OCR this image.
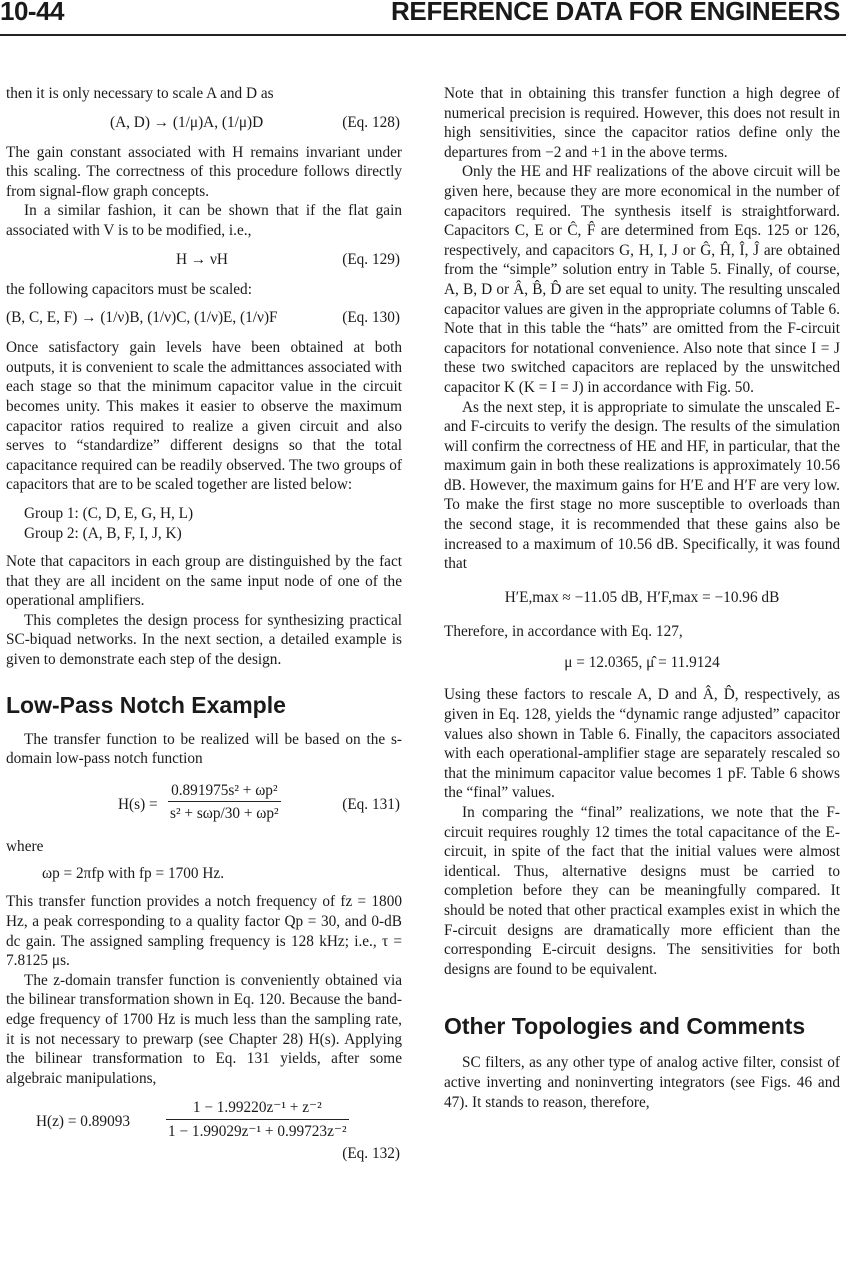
10-44	REFERENCE DATA FOR ENGINEERS

then it is only necessary to scale A and D as

(A, D) → (1/μ)A, (1/μ)D	(Eq. 128)

The gain constant associated with H remains invariant under this scaling. The correctness of this procedure follows directly from signal-flow graph concepts.

In a similar fashion, it can be shown that if the flat gain associated with V is to be modified, i.e.,

H → νH	(Eq. 129)

the following capacitors must be scaled:

(B, C, E, F) → (1/ν)B, (1/ν)C, (1/ν)E, (1/ν)F	(Eq. 130)

Once satisfactory gain levels have been obtained at both outputs, it is convenient to scale the admittances associated with each stage so that the minimum capacitor value in the circuit becomes unity. This makes it easier to observe the maximum capacitor ratios required to realize a given circuit and also serves to “standardize” different designs so that the total capacitance required can be readily observed. The two groups of capacitors that are to be scaled together are listed below:

Group 1: (C, D, E, G, H, L)
Group 2: (A, B, F, I, J, K)

Note that capacitors in each group are distinguished by the fact that they are all incident on the same input node of one of the operational amplifiers.

This completes the design process for synthesizing practical SC-biquad networks. In the next section, a detailed example is given to demonstrate each step of the design.

Low-Pass Notch Example

The transfer function to be realized will be based on the s-domain low-pass notch function

H(s) =
0.891975s² + ωp²
s² + sωp/30 + ωp²
(Eq. 131)

where

ωp = 2πfp with fp = 1700 Hz.

This transfer function provides a notch frequency of fz = 1800 Hz, a peak corresponding to a quality factor Qp = 30, and 0-dB dc gain. The assigned sampling frequency is 128 kHz; i.e., τ = 7.8125 μs.

The z-domain transfer function is conveniently obtained via the bilinear transformation shown in Eq. 120. Because the band-edge frequency of 1700 Hz is much less than the sampling rate, it is not necessary to prewarp (see Chapter 28) H(s). Applying the bilinear transformation to Eq. 131 yields, after some algebraic manipulations,

$H(z) = 0.89093 \frac{\text{1 − 1.99220z⁻¹ + z⁻²}}{\text{1 − 1.99029z⁻¹ + 0.99723z⁻²}}$
(Eq. 132)

Note that in obtaining this transfer function a high degree of numerical precision is required. However, this does not result in high sensitivities, since the capacitor ratios define only the departures from −2 and +1 in the above terms.

Only the HE and HF realizations of the above circuit will be given here, because they are more economical in the number of capacitors required. The synthesis itself is straightforward. Capacitors C, E or Ĉ, F̂ are determined from Eqs. 125 or 126, respectively, and capacitors G, H, I, J or Ĝ, Ĥ, Î, Ĵ are obtained from the “simple” solution entry in Table 5. Finally, of course, A, B, D or Â, B̂, D̂ are set equal to unity. The resulting unscaled capacitor values are given in the appropriate columns of Table 6. Note that in this table the “hats” are omitted from the F-circuit capacitors for notational convenience. Also note that since I = J these two switched capacitors are replaced by the unswitched capacitor K (K = I = J) in accordance with Fig. 50.

As the next step, it is appropriate to simulate the unscaled E- and F-circuits to verify the design. The results of the simulation will confirm the correctness of HE and HF, in particular, that the maximum gain in both these realizations is approximately 10.56 dB. However, the maximum gains for H′E and H′F are very low. To make the first stage no more susceptible to overloads than the second stage, it is recommended that these gains also be increased to a maximum of 10.56 dB. Specifically, it was found that

H′E,max ≈ −11.05 dB, H′F,max = −10.96 dB

Therefore, in accordance with Eq. 127,

μ = 12.0365, μ̂ = 11.9124

Using these factors to rescale A, D and Â, D̂, respectively, as given in Eq. 128, yields the “dynamic range adjusted” capacitor values also shown in Table 6. Finally, the capacitors associated with each operational-amplifier stage are separately rescaled so that the minimum capacitor value becomes 1 pF. Table 6 shows the “final” values.

In comparing the “final” realizations, we note that the F-circuit requires roughly 12 times the total capacitance of the E-circuit, in spite of the fact that the initial values were almost identical. Thus, alternative designs must be carried to completion before they can be meaningfully compared. It should be noted that other practical examples exist in which the F-circuit designs are dramatically more efficient than the corresponding E-circuit designs. The sensitivities for both designs are found to be equivalent.

Other Topologies and Comments

SC filters, as any other type of analog active filter, consist of active inverting and noninverting integrators (see Figs. 46 and 47). It stands to reason, therefore,
